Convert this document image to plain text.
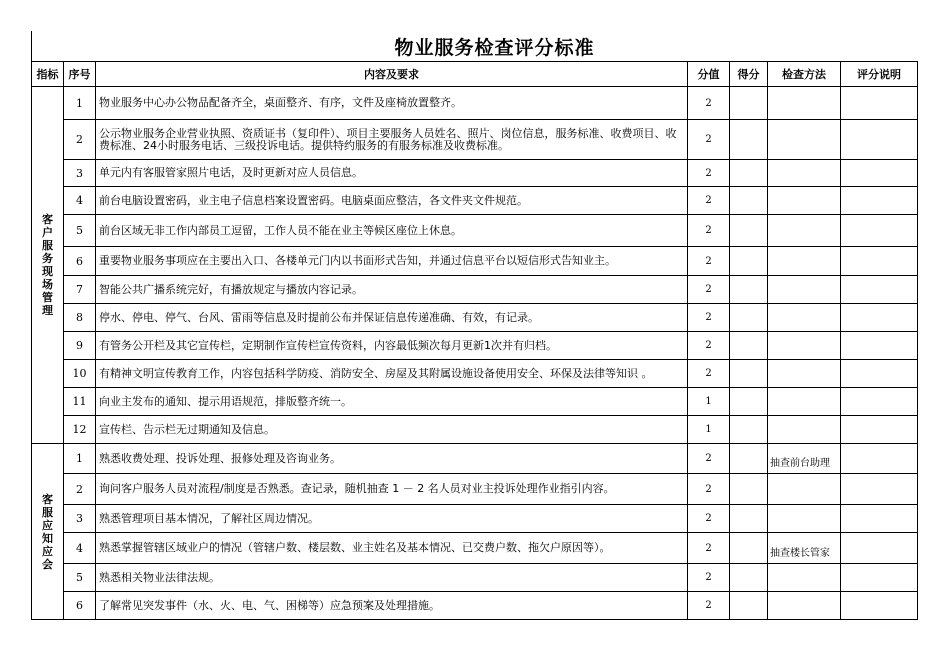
物业服务检查评分标准
指标	序号	内容及要求	分值	得分	检查方法	评分说明
客户服务现场管理	1	物业服务中心办公物品配备齐全，桌面整齐、有序，文件及座椅放置整齐。	2			
	2	公示物业服务企业营业执照、资质证书（复印件）、项目主要服务人员姓名、照片、岗位信息，服务标准、收费项目、收费标准、24小时服务电话、三级投诉电话。提供特约服务的有服务标准及收费标准。	2			
	3	单元内有客服管家照片电话，及时更新对应人员信息。	2			
	4	前台电脑设置密码，业主电子信息档案设置密码。电脑桌面应整洁，各文件夹文件规范。	2			
	5	前台区域无非工作内部员工逗留，工作人员不能在业主等候区座位上休息。	2			
	6	重要物业服务事项应在主要出入口、各楼单元门内以书面形式告知，并通过信息平台以短信形式告知业主。	2			
	7	智能公共广播系统完好，有播放规定与播放内容记录。	2			
	8	停水、停电、停气、台风、雷雨等信息及时提前公布并保证信息传递准确、有效，有记录。	2			
	9	有管务公开栏及其它宣传栏，定期制作宣传栏宣传资料，内容最低频次每月更新1次并有归档。	2			
	10	有精神文明宣传教育工作，内容包括科学防疫、消防安全、房屋及其附属设施设备使用安全、环保及法律等知识 。	2			
	11	向业主发布的通知、提示用语规范，排版整齐统一。	1			
	12	宣传栏、告示栏无过期通知及信息。	1			
客服应知应会	1	熟悉收费处理、投诉处理、报修处理及咨询业务。	2		抽查前台助理	
	2	询问客户服务人员对流程/制度是否熟悉。查记录，随机抽查 1 － 2 名人员对业主投诉处理作业指引内容。	2			
	3	熟悉管理项目基本情况，了解社区周边情况。	2			
	4	熟悉掌握管辖区域业户的情况（管辖户数、楼层数、业主姓名及基本情况、已交费户数、拖欠户原因等）。	2		抽查楼长管家	
	5	熟悉相关物业法律法规。	2			
	6	了解常见突发事件（水、火、电、气、困梯等）应急预案及处理措施。	2			
